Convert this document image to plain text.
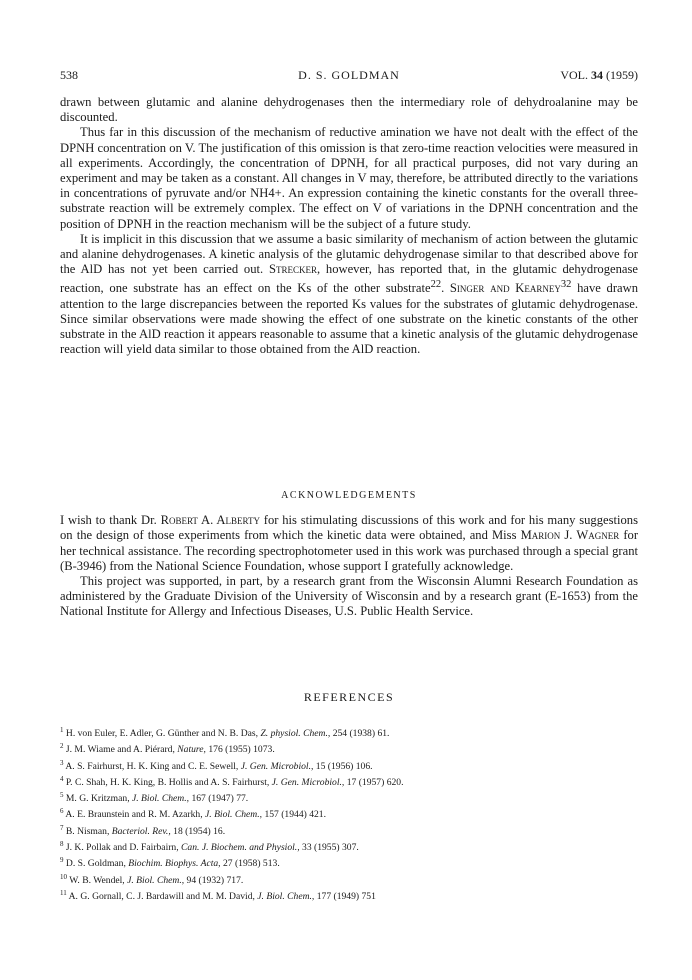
538	D. S. GOLDMAN	VOL. 34 (1959)

drawn between glutamic and alanine dehydrogenases then the intermediary role of dehydroalanine may be discounted.

Thus far in this discussion of the mechanism of reductive amination we have not dealt with the effect of the DPNH concentration on V. The justification of this omission is that zero-time reaction velocities were measured in all experiments. Accordingly, the concentration of DPNH, for all practical purposes, did not vary during an experiment and may be taken as a constant. All changes in V may, therefore, be attributed directly to the variations in concentrations of pyruvate and/or NH4+. An expression containing the kinetic constants for the overall three-substrate reaction will be extremely complex. The effect on V of variations in the DPNH concentration and the position of DPNH in the reaction mechanism will be the subject of a future study.

It is implicit in this discussion that we assume a basic similarity of mechanism of action between the glutamic and alanine dehydrogenases. A kinetic analysis of the glutamic dehydrogenase similar to that described above for the AlD has not yet been carried out. Strecker, however, has reported that, in the glutamic dehydrogenase reaction, one substrate has an effect on the Ks of the other substrate$^{22}$. Singer and Kearney$^{32}$ have drawn attention to the large discrepancies between the reported Ks values for the substrates of glutamic dehydrogenase. Since similar observations were made showing the effect of one substrate on the kinetic constants of the other substrate in the AlD reaction it appears reasonable to assume that a kinetic analysis of the glutamic dehydrogenase reaction will yield data similar to those obtained from the AlD reaction.

ACKNOWLEDGEMENTS

I wish to thank Dr. Robert A. Alberty for his stimulating discussions of this work and for his many suggestions on the design of those experiments from which the kinetic data were obtained, and Miss Marion J. Wagner for her technical assistance. The recording spectrophotometer used in this work was purchased through a special grant (B-3946) from the National Science Foundation, whose support I gratefully acknowledge.

This project was supported, in part, by a research grant from the Wisconsin Alumni Research Foundation as administered by the Graduate Division of the University of Wisconsin and by a research grant (E-1653) from the National Institute for Allergy and Infectious Diseases, U.S. Public Health Service.

REFERENCES
$^1$ H. von Euler, E. Adler, G. Günther and N. B. Das, Z. physiol. Chem., 254 (1938) 61.
$^2$ J. M. Wiame and A. Piérard, Nature, 176 (1955) 1073.
$^3$ A. S. Fairhurst, H. K. King and C. E. Sewell, J. Gen. Microbiol., 15 (1956) 106.
$^4$ P. C. Shah, H. K. King, B. Hollis and A. S. Fairhurst, J. Gen. Microbiol., 17 (1957) 620.
$^5$ M. G. Kritzman, J. Biol. Chem., 167 (1947) 77.
$^6$ A. E. Braunstein and R. M. Azarkh, J. Biol. Chem., 157 (1944) 421.
$^7$ B. Nisman, Bacteriol. Rev., 18 (1954) 16.
$^8$ J. K. Pollak and D. Fairbairn, Can. J. Biochem. and Physiol., 33 (1955) 307.
$^9$ D. S. Goldman, Biochim. Biophys. Acta, 27 (1958) 513.
$^{10}$ W. B. Wendel, J. Biol. Chem., 94 (1932) 717.
$^{11}$ A. G. Gornall, C. J. Bardawill and M. M. David, J. Biol. Chem., 177 (1949) 751
